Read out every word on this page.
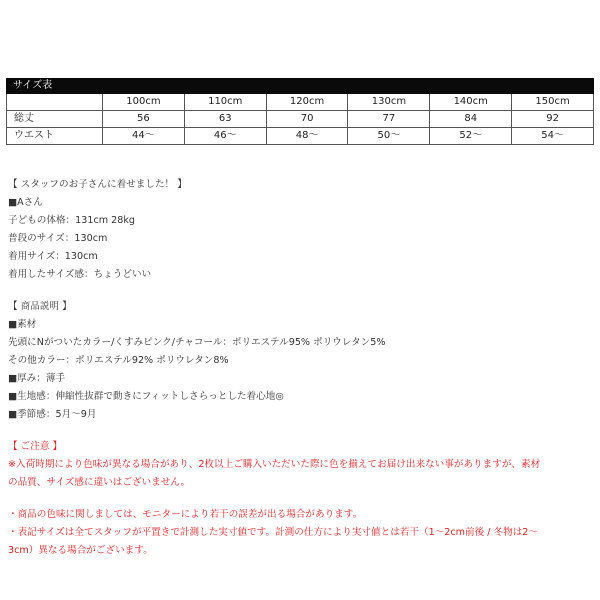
サイズ表
	100cm	110cm	120cm	130cm	140cm	150cm
総丈	56	63	70	77	84	92
ウエスト	44〜	46〜	48〜	50〜	52〜	54〜
【 スタッフのお子さんに着せました！ 】
■Aさん
子どもの体格：131cm 28kg
普段のサイズ：130cm
着用サイズ：130cm
着用したサイズ感：ちょうどいい
【 商品説明 】
■素材
先頭にNがついたカラー/くすみピンク/チャコール：ポリエステル95% ポリウレタン5%
その他カラー：ポリエステル92% ポリウレタン8%
■厚み：薄手
■生地感：伸縮性抜群で動きにフィットしさらっとした着心地◎
■季節感：5月〜9月
【 ご注意 】
※入荷時期により色味が異なる場合があり、2枚以上ご購入いただいた際に色を揃えてお届け出来ない事がありますが、素材
の品質、サイズ感に違いはございません。
・商品の色味に関しましては、モニターにより若干の誤差が出る場合があります。
・表記サイズは全てスタッフが平置きで計測した実寸値です。計測の仕方により実寸値とは若干（1〜2cm前後 / 冬物は2〜
3cm）異なる場合がございます。
